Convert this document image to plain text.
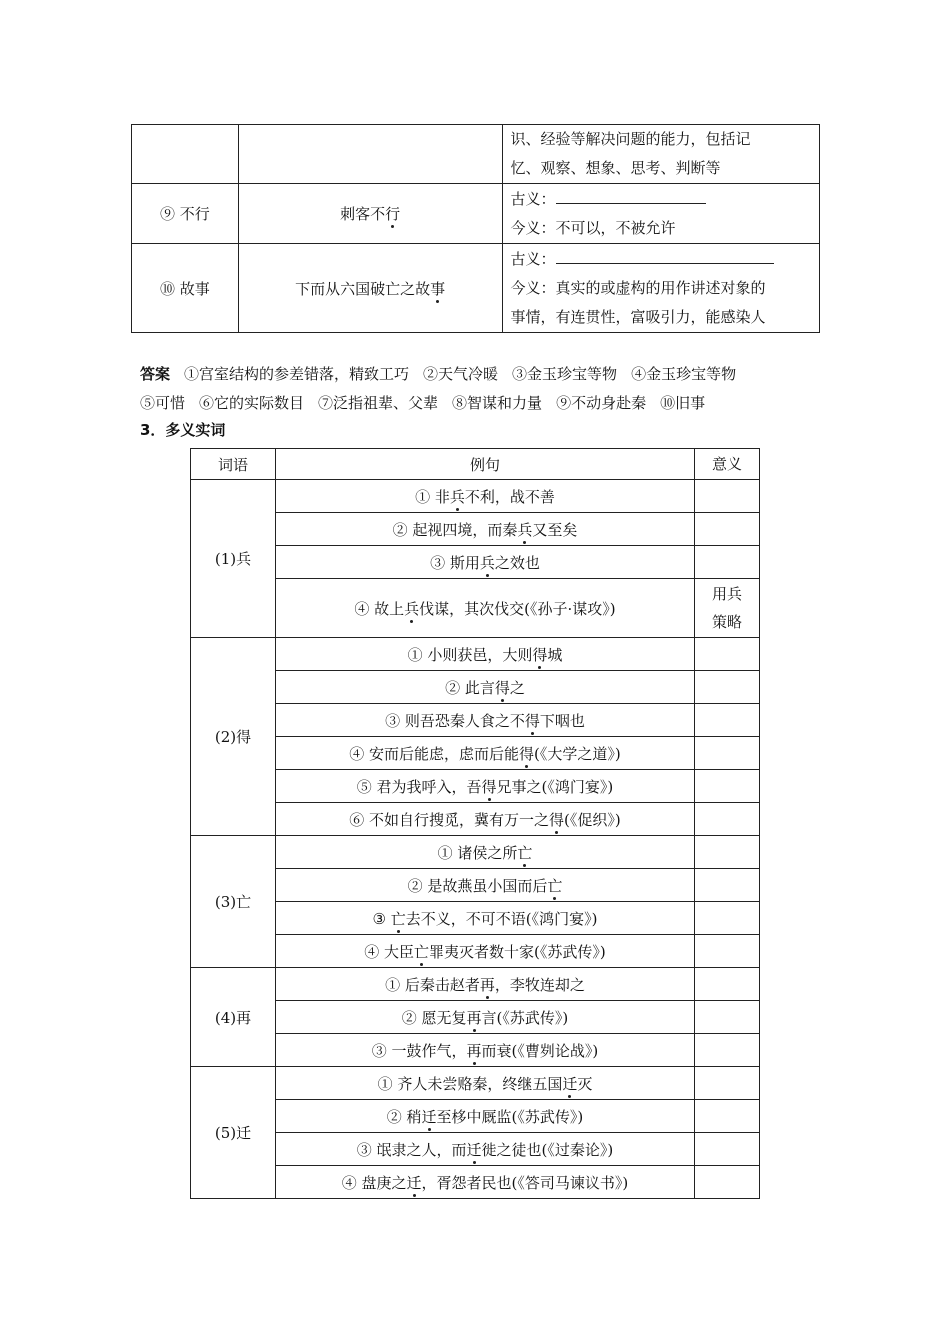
		识、经验等解决问题的能力，包括记
忆、观察、想象、思考、判断等

⑨ 不行	刺客不行	古义：
今义：不可以，不被允许

⑩ 故事	下而从六国破亡之故事	古义：
今义：真实的或虚构的用作讲述对象的
事情，有连贯性，富吸引力，能感染人
答案 ①宫室结构的参差错落，精致工巧 ②天气冷暖 ③金玉珍宝等物 ④金玉珍宝等物
⑤可惜 ⑥它的实际数目 ⑦泛指祖辈、父辈 ⑧智谋和力量 ⑨不动身赴秦 ⑩旧事
3．多义实词
词语	例句	意义
(1)兵	① 非兵不利，战不善	
	② 起视四境，而秦兵又至矣	
	③ 斯用兵之效也	
	④ 故上兵伐谋，其次伐交(《孙子·谋攻》)	用兵
策略

(2)得	① 小则获邑，大则得城	
	② 此言得之	
	③ 则吾恐秦人食之不得下咽也	
	④ 安而后能虑，虑而后能得(《大学之道》)	
	⑤ 君为我呼入，吾得兄事之(《鸿门宴》)	
	⑥ 不如自行搜觅，冀有万一之得(《促织》)	
(3)亡	① 诸侯之所亡	
	② 是故燕虽小国而后亡	
	③ 亡去不义，不可不语(《鸿门宴》)	
	④ 大臣亡罪夷灭者数十家(《苏武传》)	
(4)再	① 后秦击赵者再，李牧连却之	
	② 愿无复再言(《苏武传》)	
	③ 一鼓作气，再而衰(《曹刿论战》)	
(5)迁	① 齐人未尝赂秦，终继五国迁灭	
	② 稍迁至栘中厩监(《苏武传》)	
	③ 氓隶之人，而迁徙之徒也(《过秦论》)	
	④ 盘庚之迁，胥怨者民也(《答司马谏议书》)	
